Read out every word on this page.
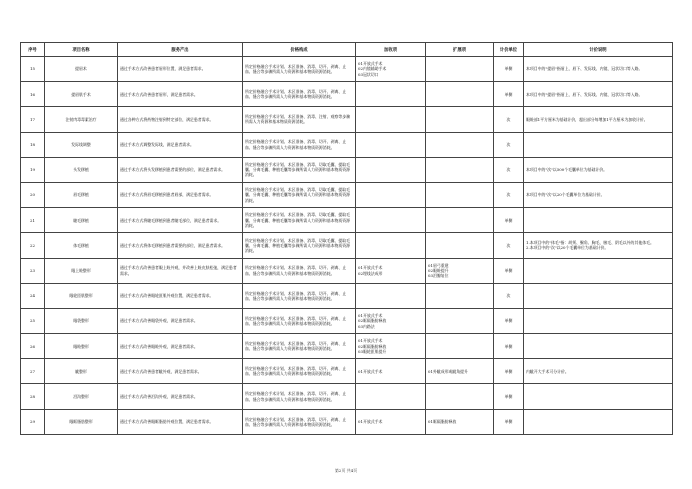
序号	项目名称	服务产出	价格构成	加收项	扩展项	计价单位	计价说明

15	提眉术	通过手术方式改善患者眉形位置，满足患者需求。	所定价格融合手术计划、术区准备、消毒、切开、剥离、止血、缝合等步骤所需人力资源和基本物质资源消耗。	01开放式手术
02内镜辅助手术
03冠状切口		单侧	本项目中的"提眉"指眉上、眉下、发际线、内镜、冠状切口等入路。

16	提眉肌手术	通过手术方式改善患者眉形，满足患者需求。	所定价格融合手术计划、术区准备、消毒、切开、剥离、止血、缝合等步骤所需人力资源和基本物质资源消耗。			单侧	本项目中的"提眉"指眉上、眉下、发际线、内镜、冠状切口等入路。

17	注射肉毒毒素治疗	通过各种方式将药物注射到特定部位，满足患者需求。	所定价格融合手术计划、术区准备、消毒、注射、观察等步骤所需人力资源和基本物质资源消耗。			次	眼睑部1平方厘米为基础计价，超出部分每增加1平方厘米为加收计价。

18	发际线调整	通过手术方式调整发际线，满足患者需求。	所定价格融合手术计划、术区准备、消毒、切开、剥离、止血、缝合等步骤所需人力资源和基本物质资源消耗。			次	

19	头发移植	通过手术方式将头发移植到患者需要的部位，满足患者需求。	所定价格融合手术计划、术区准备、消毒、切取毛囊、提取毛囊、分离毛囊、种植毛囊等步骤所需人力资源和基本物质资源消耗。			次	本项目中的"次"以500个毛囊单位为基础计价。

20	眉毛移植	通过手术方式将眉毛移植到患者眉部，满足患者需求。	所定价格融合手术计划、术区准备、消毒、切取毛囊、提取毛囊、分离毛囊、种植毛囊等步骤所需人力资源和基本物质资源消耗。			次	本项目中的"次"以20个毛囊单位为基础计价。

21	睫毛移植	通过手术方式将睫毛移植到患者睫毛部位，满足患者需求。	所定价格融合手术计划、术区准备、消毒、切取毛囊、提取毛囊、分离毛囊、种植毛囊等步骤所需人力资源和基本物质资源消耗。			单侧	

22	体毛移植	通过手术方式将体毛移植到患者需要的部位，满足患者需求。	所定价格融合手术计划、术区准备、消毒、切取毛囊、提取毛囊、分离毛囊、种植毛囊等步骤所需人力资源和基本物质资源消耗。			次	1.本项目中的"体毛"指：胡须、鬓角、胸毛、腋毛、阴毛以外的其他体毛。
2.本项目中的"次"以20个毛囊单位为基础计价。

23	眼上睑整形	通过手术方式改善患者眼上睑外观，并改善上睑皮肤松弛，满足患者需求。	所定价格融合手术计划、术区准备、消毒、切开、剥离、止血、缝合等步骤所需人力资源和基本物质资源消耗。	01开放式手术
02埋线法成形	01眉弓重建
02眼睑提升
03泪腺复位	单侧	

24	眼轮匝肌整形	通过手术方式改善眼轮匝肌外观位置，满足患者需求。	所定价格融合手术计划、术区准备、消毒、切开、剥离、止血、缝合等步骤所需人力资源和基本物质资源消耗。			次	

25	眼袋整形	通过手术方式改善眼袋外观，满足患者需求。	所定价格融合手术计划、术区准备、消毒、切开、剥离、止血、缝合等步骤所需人力资源和基本物质资源消耗。	01开放式手术
02眶隔脂肪释放
03内路法		单侧	

26	眼睑整形	通过手术方式改善眼睑外观，满足患者需求。	所定价格融合手术计划、术区准备、消毒、切开、剥离、止血、缝合等步骤所需人力资源和基本物质资源消耗。	01开放式手术
02眶隔脂肪释放
03眼轮匝肌提升		单侧	

27	眦整形	通过手术方式改善患者眦外观，满足患者需求。	所定价格融合手术计划、术区准备、消毒、切开、剥离、止血、缝合等步骤所需人力资源和基本物质资源消耗。	01开放式手术	01外眦成形或眦角提升	单侧	内眦开大手术可分计价。

28	泪沟整形	通过手术方式改善泪沟外观，满足患者需求。	所定价格融合手术计划、术区准备、消毒、切开、剥离、止血、缝合等步骤所需人力资源和基本物质资源消耗。			单侧	

29	眼眶脂肪整形	通过手术方式改善眼眶脂肪外观位置，满足患者需求。	所定价格融合手术计划、术区准备、消毒、切开、剥离、止血、缝合等步骤所需人力资源和基本物质资源消耗。	01开放式手术	01眶隔脂肪释放	单侧	

第2页 共4页
